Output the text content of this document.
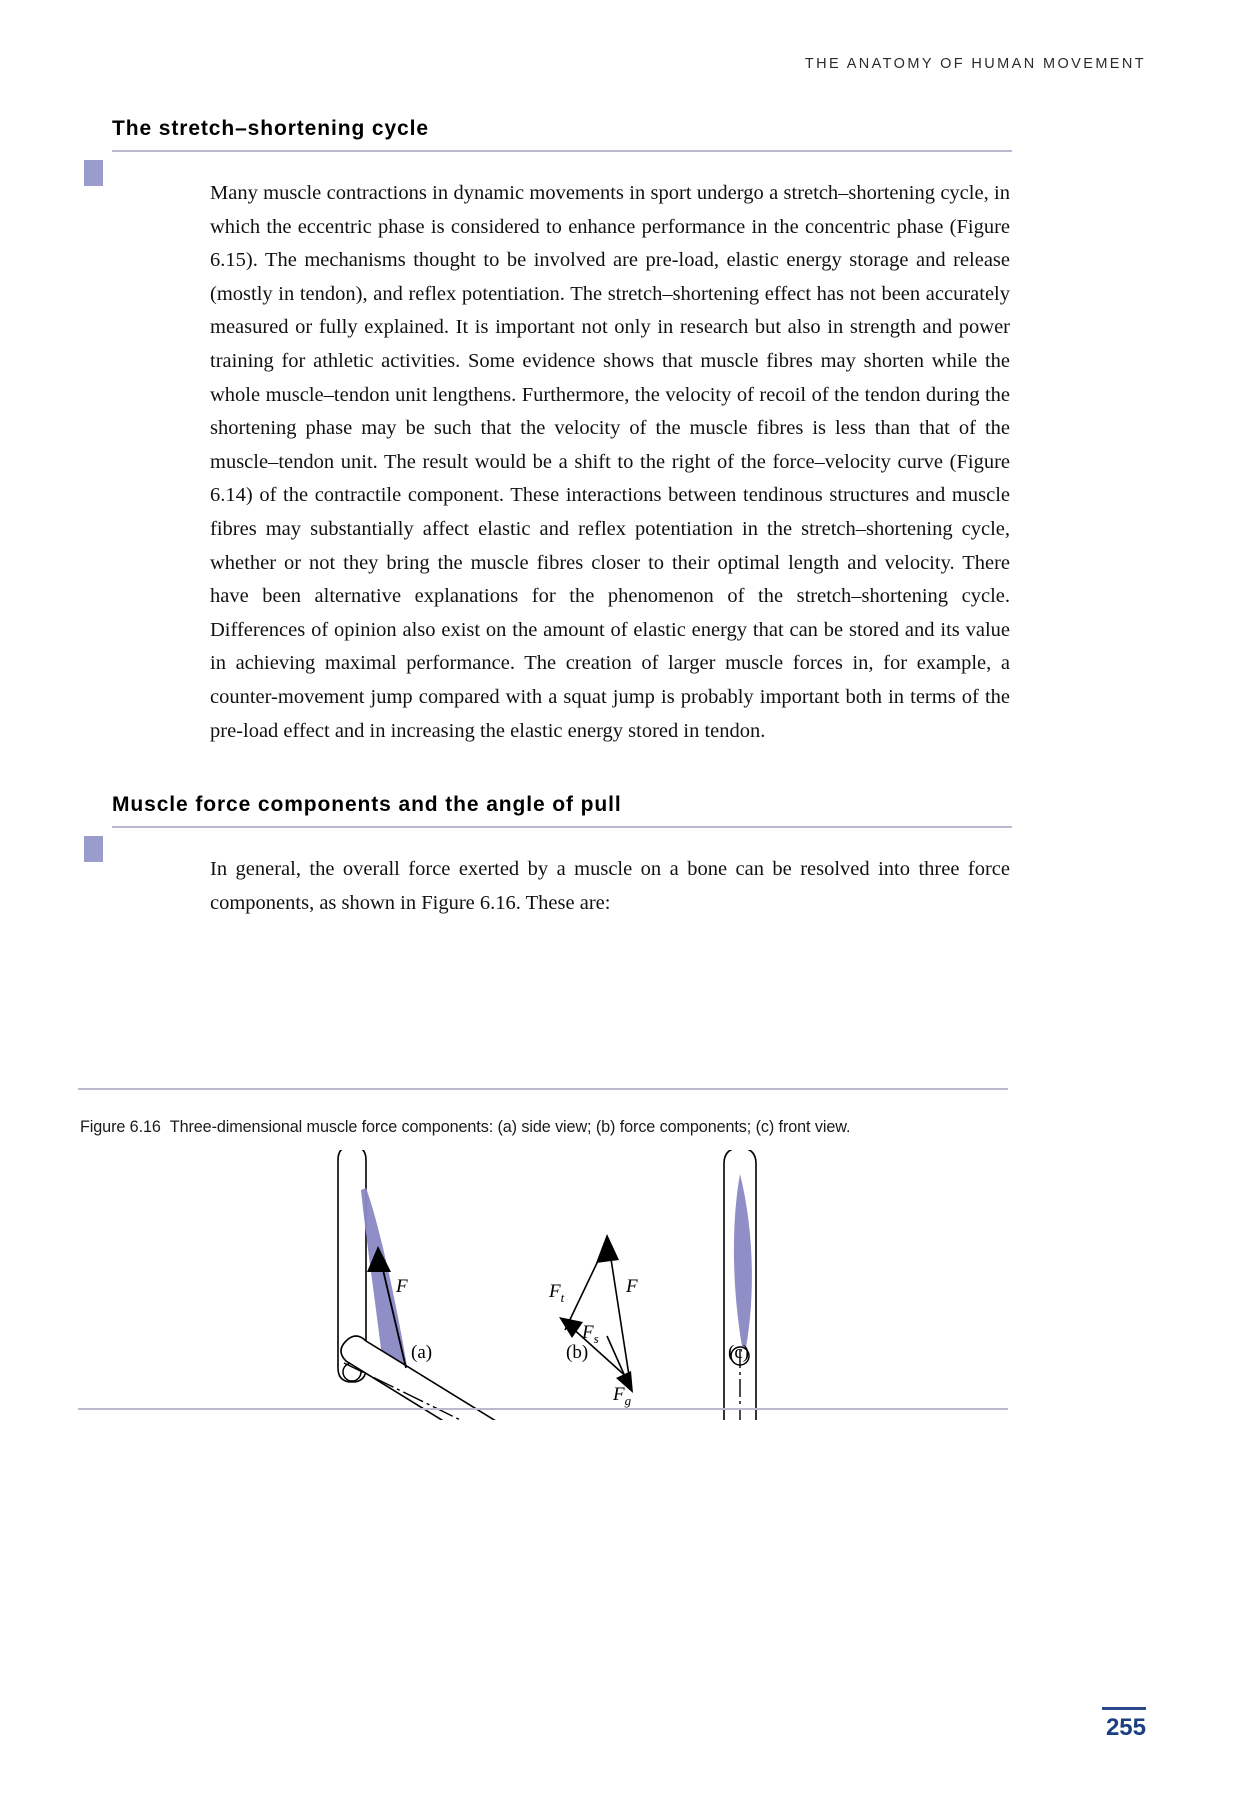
THE ANATOMY OF HUMAN MOVEMENT
The stretch–shortening cycle
Many muscle contractions in dynamic movements in sport undergo a stretch–shortening cycle, in which the eccentric phase is considered to enhance performance in the concentric phase (Figure 6.15). The mechanisms thought to be involved are pre-load, elastic energy storage and release (mostly in tendon), and reflex potentiation. The stretch–shortening effect has not been accurately measured or fully explained. It is important not only in research but also in strength and power training for athletic activities. Some evidence shows that muscle fibres may shorten while the whole muscle–tendon unit lengthens. Furthermore, the velocity of recoil of the tendon during the shortening phase may be such that the velocity of the muscle fibres is less than that of the muscle–tendon unit. The result would be a shift to the right of the force–velocity curve (Figure 6.14) of the contractile component. These interactions between tendinous structures and muscle fibres may substantially affect elastic and reflex potentiation in the stretch–shortening cycle, whether or not they bring the muscle fibres closer to their optimal length and velocity. There have been alternative explanations for the phenomenon of the stretch–shortening cycle. Differences of opinion also exist on the amount of elastic energy that can be stored and its value in achieving maximal performance. The creation of larger muscle forces in, for example, a counter-movement jump compared with a squat jump is probably important both in terms of the pre-load effect and in increasing the elastic energy stored in tendon.
Muscle force components and the angle of pull
In general, the overall force exerted by a muscle on a bone can be resolved into three force components, as shown in Figure 6.16. These are:
Figure 6.16 Three-dimensional muscle force components: (a) side view; (b) force components; (c) front view.
F	$F_t$
F
$F_s$
$F_g$
(a)	(b)	(c)
255
